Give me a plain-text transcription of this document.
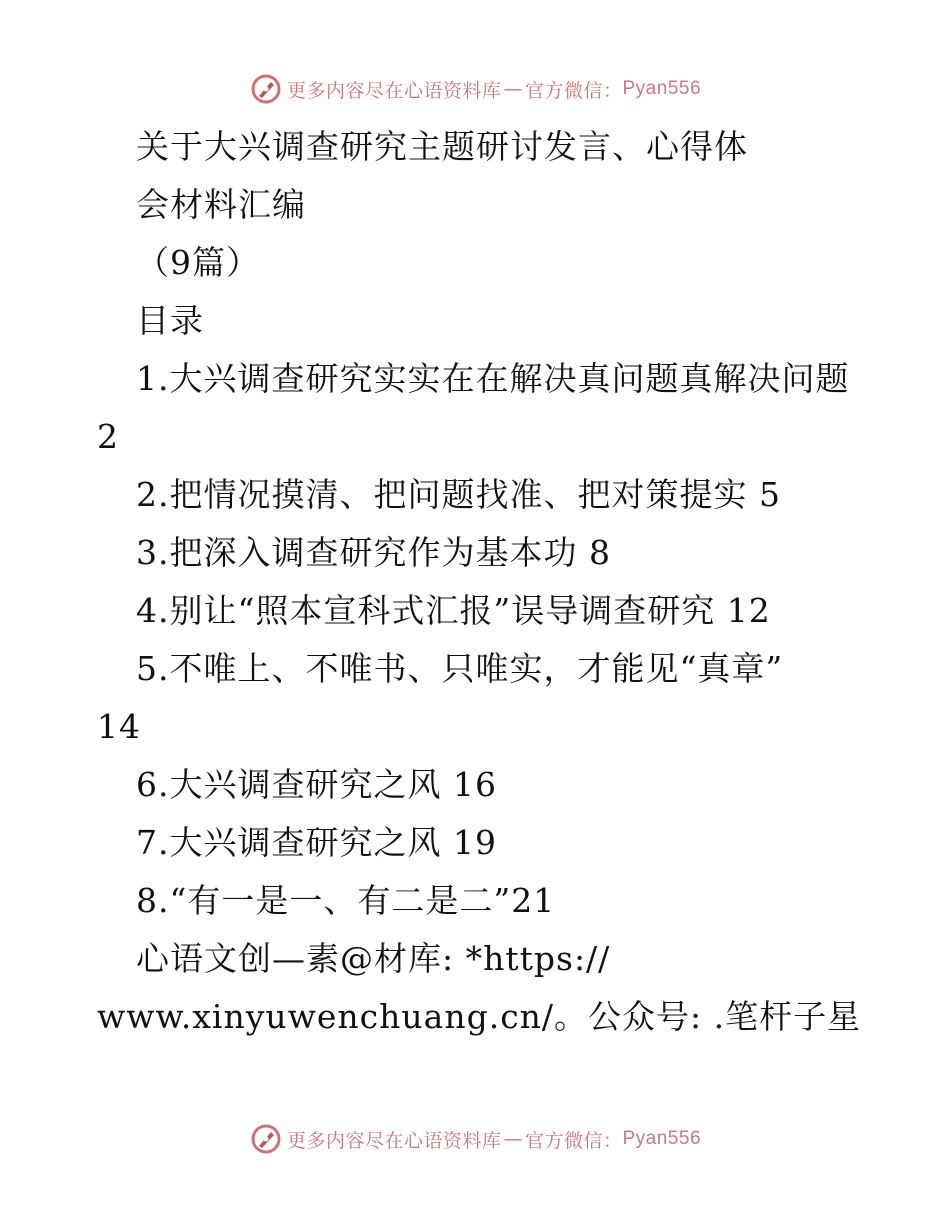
更多内容尽在心语资料库 — 官方微信： Pyan556
关于大兴调查研究主题研讨发言、心得体
会材料汇编
（9篇）
目录
1.大兴调查研究实实在在解决真问题真解决问题
2
2.把情况摸清、把问题找准、把对策提实 5
3.把深入调查研究作为基本功 8
4.别让“照本宣科式汇报”误导调查研究 12
5.不唯上、不唯书、只唯实，才能见“真章”
14
6.大兴调查研究之风 16
7.大兴调查研究之风 19
8.“有一是一、有二是二”21
心语文创—素@材库: *https://
www.xinyuwenchuang.cn/。公众号: .笔杆子星
更多内容尽在心语资料库 — 官方微信： Pyan556
